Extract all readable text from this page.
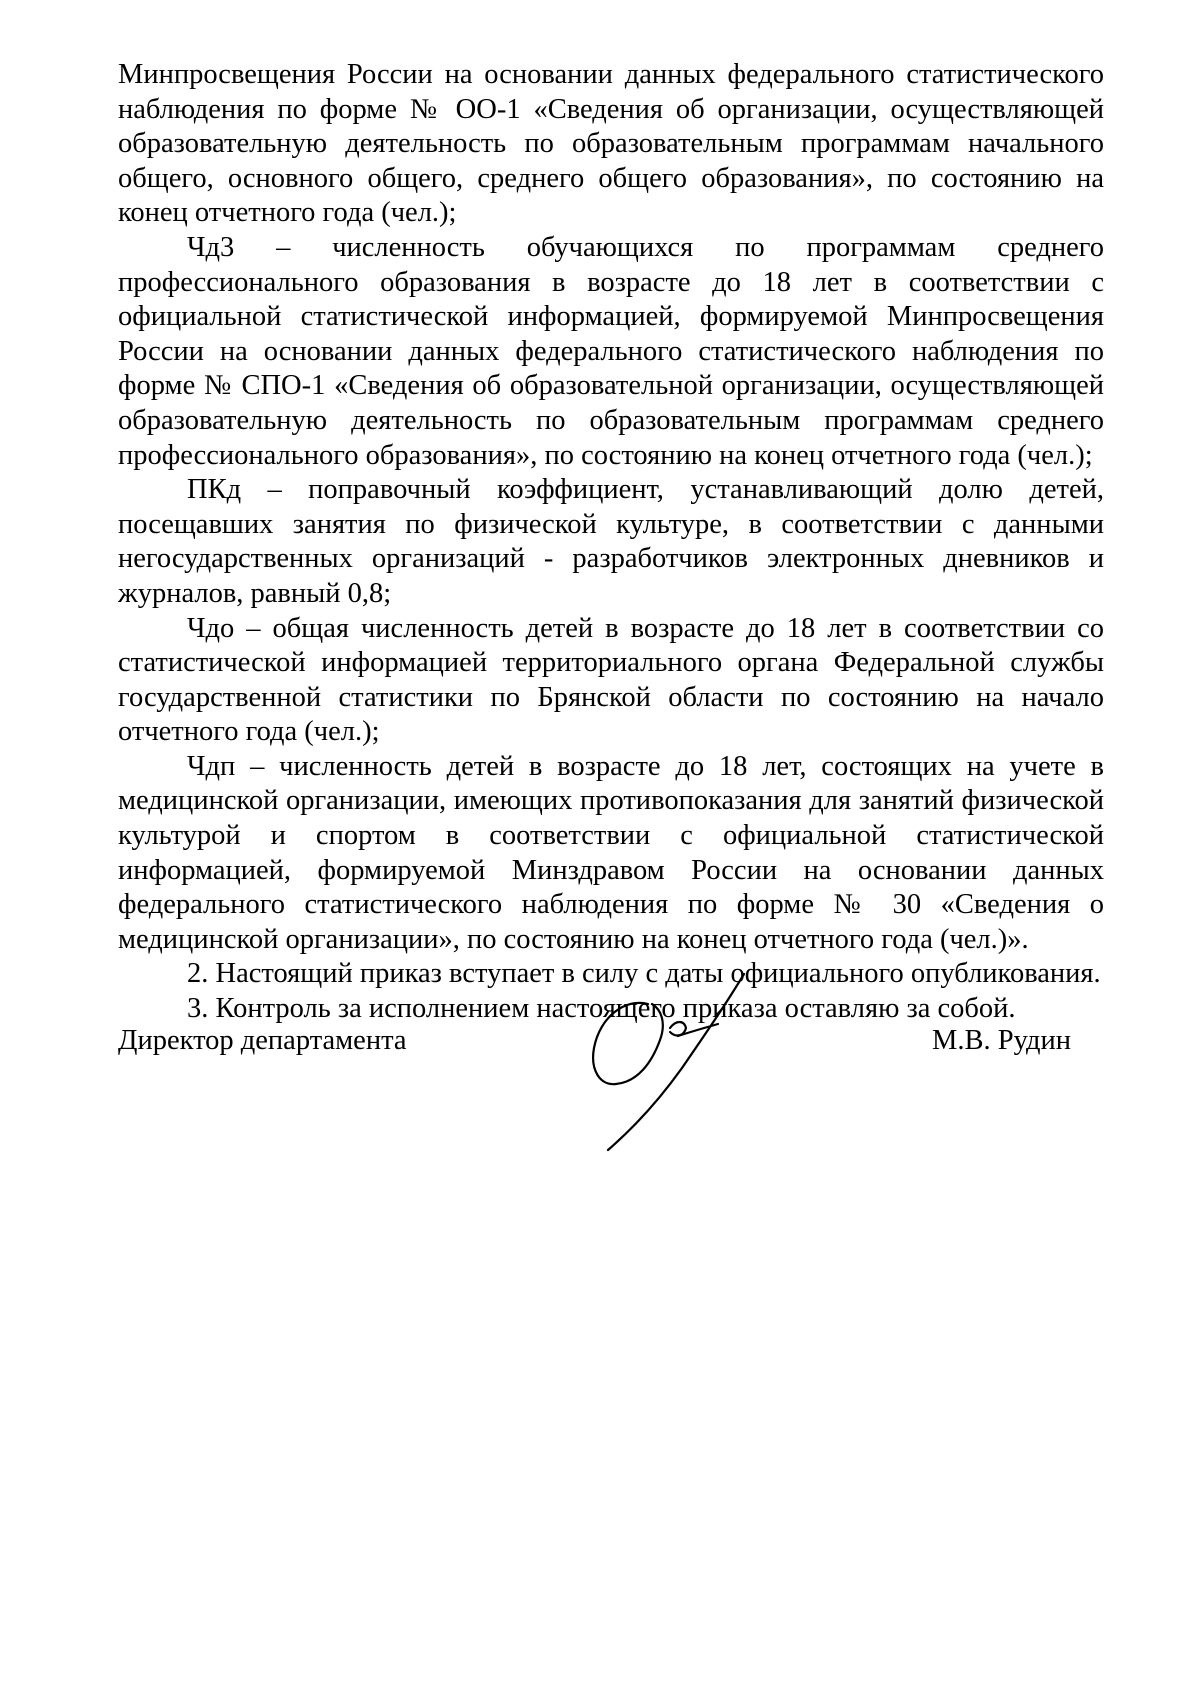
Минпросвещения России на основании данных федерального статистического наблюдения по форме № ОО-1 «Сведения об организации, осуществляющей образовательную деятельность по образовательным программам начального общего, основного общего, среднего общего образования», по состоянию на конец отчетного года (чел.);

Чд3 – численность обучающихся по программам среднего профессионального образования в возрасте до 18 лет в соответствии с официальной статистической информацией, формируемой Минпросвещения России на основании данных федерального статистического наблюдения по форме № СПО-1 «Сведения об образовательной организации, осуществляющей образовательную деятельность по образовательным программам среднего профессионального образования», по состоянию на конец отчетного года (чел.);

ПКд – поправочный коэффициент, устанавливающий долю детей, посещавших занятия по физической культуре, в соответствии с данными негосударственных организаций - разработчиков электронных дневников и журналов, равный 0,8;

Чдо – общая численность детей в возрасте до 18 лет в соответствии со статистической информацией территориального органа Федеральной службы государственной статистики по Брянской области по состоянию на начало отчетного года (чел.);

Чдп – численность детей в возрасте до 18 лет, состоящих на учете в медицинской организации, имеющих противопоказания для занятий физической культурой и спортом в соответствии с официальной статистической информацией, формируемой Минздравом России на основании данных федерального статистического наблюдения по форме № 30 «Сведения о медицинской организации», по состоянию на конец отчетного года (чел.)».

2. Настоящий приказ вступает в силу с даты официального опубликования.

3. Контроль за исполнением настоящего приказа оставляю за собой.

Директор департамента	М.В. Рудин
